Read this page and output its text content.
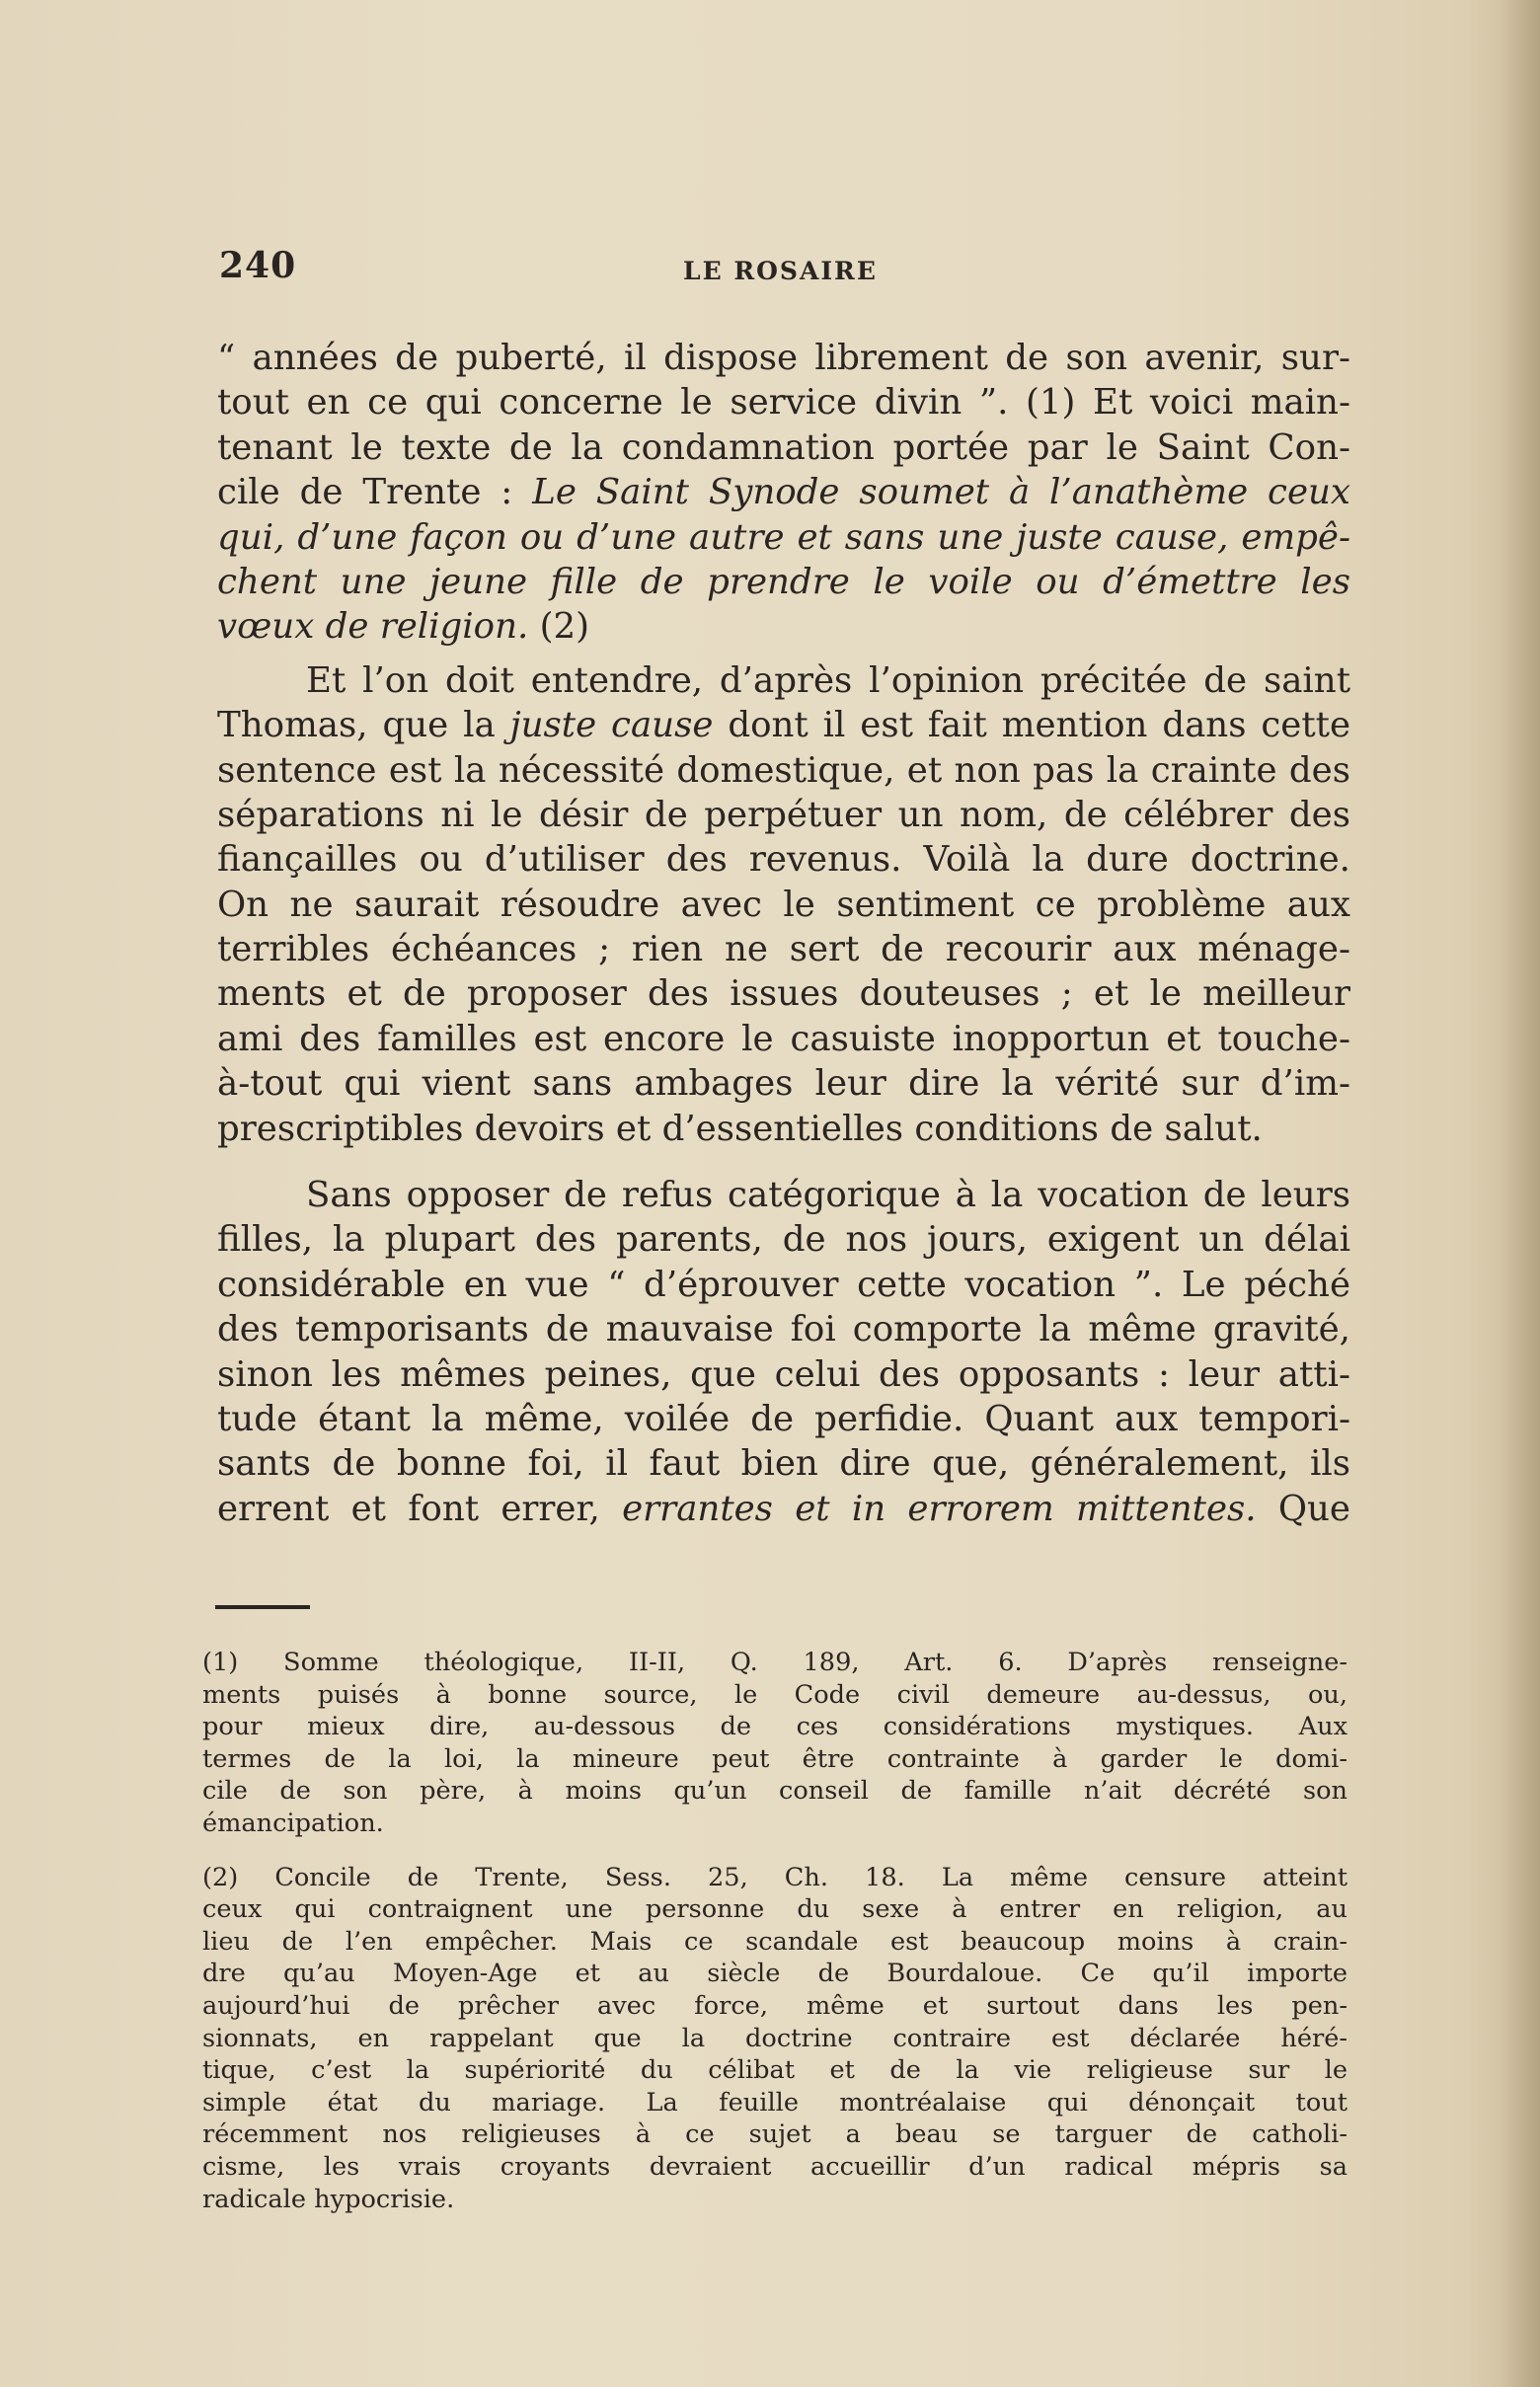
240	LE ROSAIRE
“ années de puberté, il dispose librement de son avenir, sur-
tout en ce qui concerne le service divin ”. (1) Et voici main-
tenant le texte de la condamnation portée par le Saint Con-
cile de Trente : Le Saint Synode soumet à l’anathème ceux
qui, d’une façon ou d’une autre et sans une juste cause, empê-
chent une jeune fille de prendre le voile ou d’émettre les
vœux de religion. (2)
Et l’on doit entendre, d’après l’opinion précitée de saint
Thomas, que la juste cause dont il est fait mention dans cette
sentence est la nécessité domestique, et non pas la crainte des
séparations ni le désir de perpétuer un nom, de célébrer des
fiançailles ou d’utiliser des revenus. Voilà la dure doctrine.
On ne saurait résoudre avec le sentiment ce problème aux
terribles échéances ; rien ne sert de recourir aux ménage-
ments et de proposer des issues douteuses ; et le meilleur
ami des familles est encore le casuiste inopportun et touche-
à-tout qui vient sans ambages leur dire la vérité sur d’im-
prescriptibles devoirs et d’essentielles conditions de salut.
Sans opposer de refus catégorique à la vocation de leurs
filles, la plupart des parents, de nos jours, exigent un délai
considérable en vue “ d’éprouver cette vocation ”. Le péché
des temporisants de mauvaise foi comporte la même gravité,
sinon les mêmes peines, que celui des opposants : leur atti-
tude étant la même, voilée de perfidie. Quant aux tempori-
sants de bonne foi, il faut bien dire que, généralement, ils
errent et font errer, errantes et in errorem mittentes. Que
(1) Somme théologique, II-II, Q. 189, Art. 6. D’après renseigne-
ments puisés à bonne source, le Code civil demeure au-dessus, ou,
pour mieux dire, au-dessous de ces considérations mystiques. Aux
termes de la loi, la mineure peut être contrainte à garder le domi-
cile de son père, à moins qu’un conseil de famille n’ait décrété son
émancipation.
(2) Concile de Trente, Sess. 25, Ch. 18. La même censure atteint
ceux qui contraignent une personne du sexe à entrer en religion, au
lieu de l’en empêcher. Mais ce scandale est beaucoup moins à crain-
dre qu’au Moyen-Age et au siècle de Bourdaloue. Ce qu’il importe
aujourd’hui de prêcher avec force, même et surtout dans les pen-
sionnats, en rappelant que la doctrine contraire est déclarée héré-
tique, c’est la supériorité du célibat et de la vie religieuse sur le
simple état du mariage. La feuille montréalaise qui dénonçait tout
récemment nos religieuses à ce sujet a beau se targuer de catholi-
cisme, les vrais croyants devraient accueillir d’un radical mépris sa
radicale hypocrisie.
